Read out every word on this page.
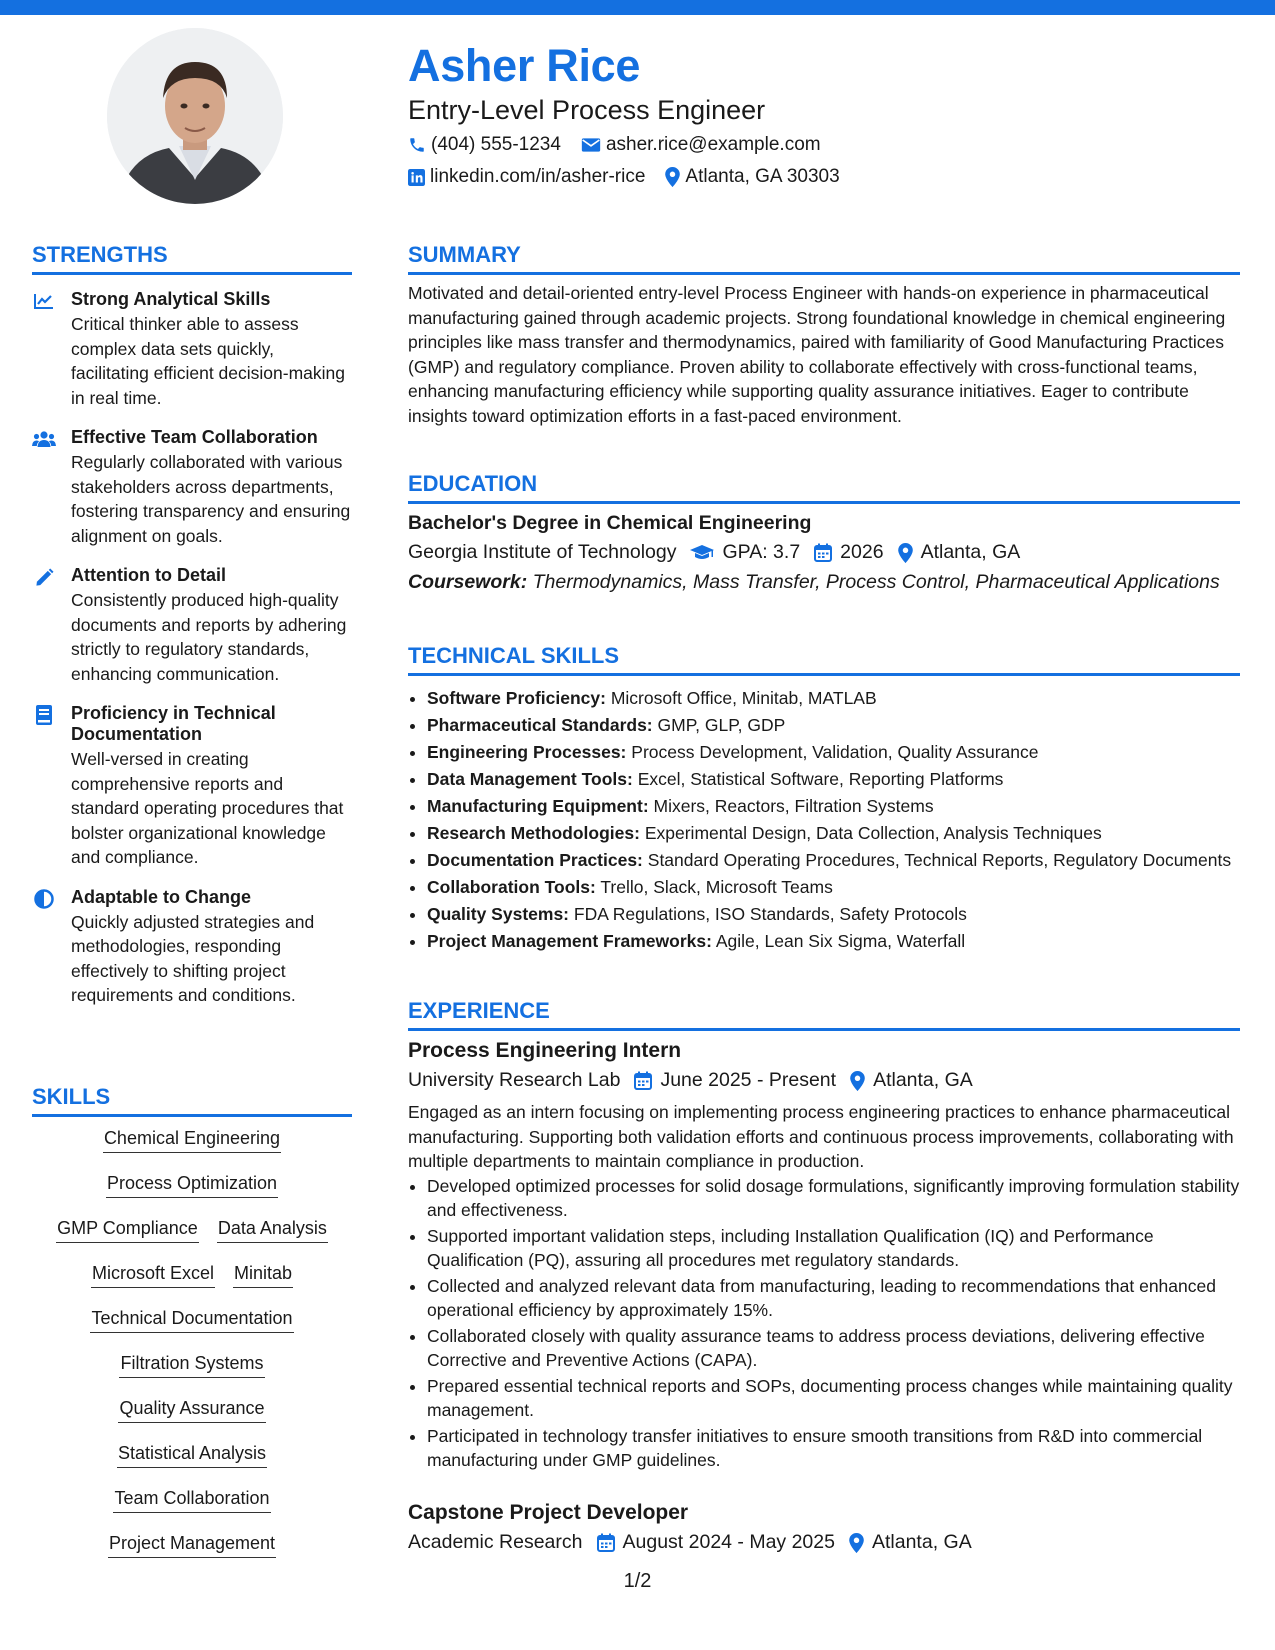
Asher Rice
Entry-Level Process Engineer
(404) 555-1234 asher.rice@example.com
linkedin.com/in/asher-rice Atlanta, GA 30303
STRENGTHS
Strong Analytical Skills
Critical thinker able to assess complex data sets quickly, facilitating efficient decision-making in real time.
Effective Team Collaboration
Regularly collaborated with various stakeholders across departments, fostering transparency and ensuring alignment on goals.
Attention to Detail
Consistently produced high-quality documents and reports by adhering strictly to regulatory standards, enhancing communication.
Proficiency in Technical Documentation
Well-versed in creating comprehensive reports and standard operating procedures that bolster organizational knowledge and compliance.
Adaptable to Change
Quickly adjusted strategies and methodologies, responding effectively to shifting project requirements and conditions.
SKILLS
Chemical Engineering
Process Optimization
GMP Compliance Data Analysis
Microsoft Excel Minitab
Technical Documentation
Filtration Systems
Quality Assurance
Statistical Analysis
Team Collaboration
Project Management
SUMMARY
Motivated and detail-oriented entry-level Process Engineer with hands-on experience in pharmaceutical manufacturing gained through academic projects. Strong foundational knowledge in chemical engineering principles like mass transfer and thermodynamics, paired with familiarity of Good Manufacturing Practices (GMP) and regulatory compliance. Proven ability to collaborate effectively with cross-functional teams, enhancing manufacturing efficiency while supporting quality assurance initiatives. Eager to contribute insights toward optimization efforts in a fast-paced environment.
EDUCATION
Bachelor's Degree in Chemical Engineering
Georgia Institute of Technology GPA: 3.7 2026 Atlanta, GA
Coursework: Thermodynamics, Mass Transfer, Process Control, Pharmaceutical Applications
TECHNICAL SKILLS
• Software Proficiency: Microsoft Office, Minitab, MATLAB
• Pharmaceutical Standards: GMP, GLP, GDP
• Engineering Processes: Process Development, Validation, Quality Assurance
• Data Management Tools: Excel, Statistical Software, Reporting Platforms
• Manufacturing Equipment: Mixers, Reactors, Filtration Systems
• Research Methodologies: Experimental Design, Data Collection, Analysis Techniques
• Documentation Practices: Standard Operating Procedures, Technical Reports, Regulatory Documents
• Collaboration Tools: Trello, Slack, Microsoft Teams
• Quality Systems: FDA Regulations, ISO Standards, Safety Protocols
• Project Management Frameworks: Agile, Lean Six Sigma, Waterfall
EXPERIENCE
Process Engineering Intern
University Research Lab June 2025 - Present Atlanta, GA
Engaged as an intern focusing on implementing process engineering practices to enhance pharmaceutical manufacturing. Supporting both validation efforts and continuous process improvements, collaborating with multiple departments to maintain compliance in production.
• Developed optimized processes for solid dosage formulations, significantly improving formulation stability and effectiveness.
• Supported important validation steps, including Installation Qualification (IQ) and Performance Qualification (PQ), assuring all procedures met regulatory standards.
• Collected and analyzed relevant data from manufacturing, leading to recommendations that enhanced operational efficiency by approximately 15%.
• Collaborated closely with quality assurance teams to address process deviations, delivering effective Corrective and Preventive Actions (CAPA).
• Prepared essential technical reports and SOPs, documenting process changes while maintaining quality management.
• Participated in technology transfer initiatives to ensure smooth transitions from R&D into commercial manufacturing under GMP guidelines.
Capstone Project Developer
Academic Research August 2024 - May 2025 Atlanta, GA
1/2
